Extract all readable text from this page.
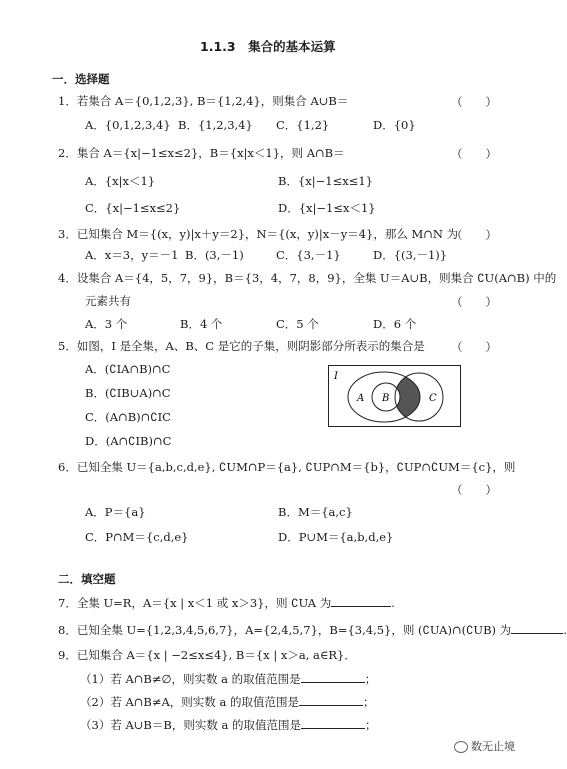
1.1.3　集合的基本运算
一．选择题
1．若集合 A＝{0,1,2,3}, B＝{1,2,4}，则集合 A∪B＝	（　　）
A．{0,1,2,3,4} B．{1,2,3,4} C．{1,2}	D．{0}
2．集合 A＝{x|−1≤x≤2}，B＝{x|x＜1}，则 A∩B＝	（　　）
A．{x|x＜1}	B．{x|−1≤x≤1}
C．{x|−1≤x≤2}	D．{x|−1≤x＜1}
3．已知集合 M＝{(x，y)|x＋y＝2}，N＝{(x，y)|x－y＝4}，那么 M∩N 为
（　　）
A．x＝3，y＝－1 B．(3,－1)	C．{3,－1}	D．{(3,－1)}
4．设集合 A＝{4，5，7，9}，B＝{3，4，7，8，9}，全集 U＝A∪B，则集合 ∁U(A∩B) 中的
元素共有	（　　）
A．3 个	B．4 个	C．5 个	D．6 个
5．如图，I 是全集，A、B、C 是它的子集，则阴影部分所表示的集合是 （　　）
A．(∁IA∩B)∩C
B．(∁IB∪A)∩C
C．(A∩B)∩∁IC
D．(A∩∁IB)∩C
I
A B	C
6．已知全集 U＝{a,b,c,d,e}, ∁UM∩P＝{a}, ∁UP∩M＝{b}，∁UP∩∁UM＝{c}，则
（　　）
A．P＝{a}	B．M＝{a,c}
C．P∩M＝{c,d,e}	D．P∪M＝{a,b,d,e}
二．填空题
7．全集 U=R，A＝{x | x＜1 或 x＞3}，则 ∁UA 为	.
8．已知全集 U={1,2,3,4,5,6,7}，A={2,4,5,7}，B={3,4,5}，则 (∁UA)∩(∁UB) 为	.
9．已知集合 A＝{x | −2≤x≤4}, B＝{x | x＞a, a∈R}．
（1）若 A∩B≠∅，则实数 a 的取值范围是	；
（2）若 A∩B≠A，则实数 a 的取值范围是	；
（3）若 A∪B＝B，则实数 a 的取值范围是	；
数无止境
